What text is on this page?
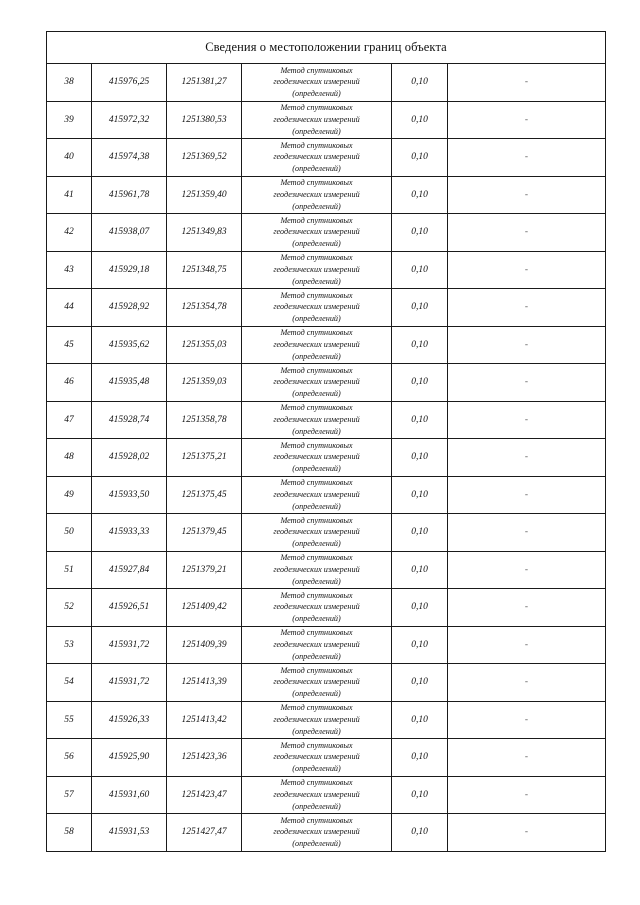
Сведения о местоположении границ объекта					
38	415976,25	1251381,27	Метод спутниковых
геодезических измерений
(определений)	0,10	-
39	415972,32	1251380,53	Метод спутниковых
геодезических измерений
(определений)	0,10	-
40	415974,38	1251369,52	Метод спутниковых
геодезических измерений
(определений)	0,10	-
41	415961,78	1251359,40	Метод спутниковых
геодезических измерений
(определений)	0,10	-
42	415938,07	1251349,83	Метод спутниковых
геодезических измерений
(определений)	0,10	-
43	415929,18	1251348,75	Метод спутниковых
геодезических измерений
(определений)	0,10	-
44	415928,92	1251354,78	Метод спутниковых
геодезических измерений
(определений)	0,10	-
45	415935,62	1251355,03	Метод спутниковых
геодезических измерений
(определений)	0,10	-
46	415935,48	1251359,03	Метод спутниковых
геодезических измерений
(определений)	0,10	-
47	415928,74	1251358,78	Метод спутниковых
геодезических измерений
(определений)	0,10	-
48	415928,02	1251375,21	Метод спутниковых
геодезических измерений
(определений)	0,10	-
49	415933,50	1251375,45	Метод спутниковых
геодезических измерений
(определений)	0,10	-
50	415933,33	1251379,45	Метод спутниковых
геодезических измерений
(определений)	0,10	-
51	415927,84	1251379,21	Метод спутниковых
геодезических измерений
(определений)	0,10	-
52	415926,51	1251409,42	Метод спутниковых
геодезических измерений
(определений)	0,10	-
53	415931,72	1251409,39	Метод спутниковых
геодезических измерений
(определений)	0,10	-
54	415931,72	1251413,39	Метод спутниковых
геодезических измерений
(определений)	0,10	-
55	415926,33	1251413,42	Метод спутниковых
геодезических измерений
(определений)	0,10	-
56	415925,90	1251423,36	Метод спутниковых
геодезических измерений
(определений)	0,10	-
57	415931,60	1251423,47	Метод спутниковых
геодезических измерений
(определений)	0,10	-
58	415931,53	1251427,47	Метод спутниковых
геодезических измерений
(определений)	0,10	-
